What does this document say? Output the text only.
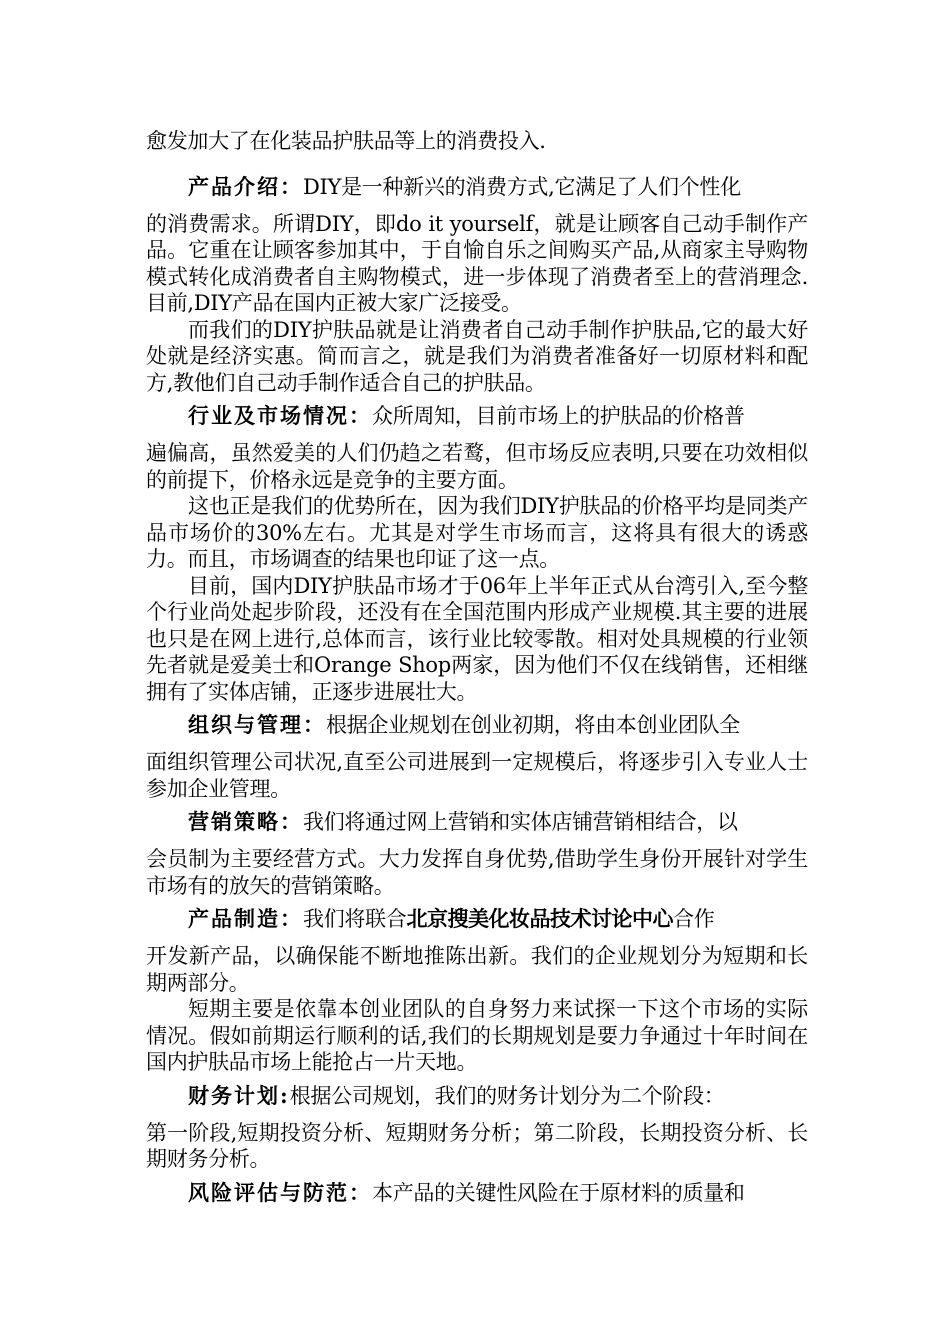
愈发加大了在化装品护肤品等上的消费投入.

产品介绍：DIY是一种新兴的消费方式,它满足了人们个性化

的消费需求。所谓DIY，即do it yourself，就是让顾客自己动手制作产品。它重在让顾客参加其中，于自愉自乐之间购买产品,从商家主导购物模式转化成消费者自主购物模式，进一步体现了消费者至上的营消理念.目前,DIY产品在国内正被大家广泛接受。

而我们的DIY护肤品就是让消费者自己动手制作护肤品,它的最大好处就是经济实惠。简而言之，就是我们为消费者准备好一切原材料和配方,教他们自己动手制作适合自己的护肤品。

行业及市场情况：众所周知，目前市场上的护肤品的价格普

遍偏高，虽然爱美的人们仍趋之若鹜，但市场反应表明,只要在功效相似的前提下，价格永远是竞争的主要方面。

这也正是我们的优势所在，因为我们DIY护肤品的价格平均是同类产品市场价的30%左右。尤其是对学生市场而言，这将具有很大的诱惑力。而且，市场调查的结果也印证了这一点。

目前，国内DIY护肤品市场才于06年上半年正式从台湾引入,至今整个行业尚处起步阶段，还没有在全国范围内形成产业规模.其主要的进展也只是在网上进行,总体而言，该行业比较零散。相对处具规模的行业领先者就是爱美士和Orange Shop两家，因为他们不仅在线销售，还相继拥有了实体店铺，正逐步进展壮大。

组织与管理：根据企业规划在创业初期，将由本创业团队全

面组织管理公司状况,直至公司进展到一定规模后，将逐步引入专业人士参加企业管理。

营销策略：我们将通过网上营销和实体店铺营销相结合，以

会员制为主要经营方式。大力发挥自身优势,借助学生身份开展针对学生市场有的放矢的营销策略。

产品制造：我们将联合北京搜美化妆品技术讨论中心合作

开发新产品，以确保能不断地推陈出新。我们的企业规划分为短期和长期两部分。

短期主要是依靠本创业团队的自身努力来试探一下这个市场的实际情况。假如前期运行顺利的话,我们的长期规划是要力争通过十年时间在国内护肤品市场上能抢占一片天地。

财务计划:根据公司规划，我们的财务计划分为二个阶段：

第一阶段,短期投资分析、短期财务分析；第二阶段，长期投资分析、长期财务分析。

风险评估与防范：本产品的关键性风险在于原材料的质量和
